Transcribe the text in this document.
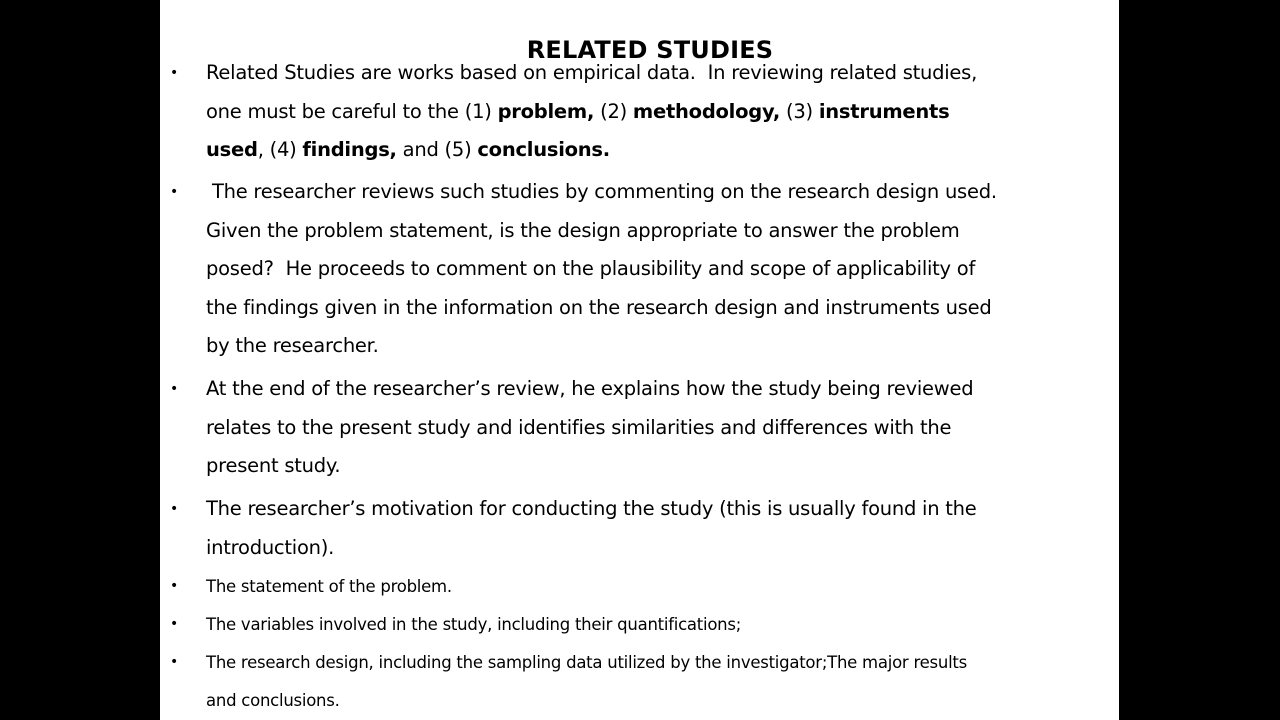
RELATED STUDIES
• Related Studies are works based on empirical data.  In reviewing related studies,
one must be careful to the (1) problem, (2) methodology, (3) instruments
used, (4) findings, and (5) conclusions.
• The researcher reviews such studies by commenting on the research design used.
Given the problem statement, is the design appropriate to answer the problem
posed?  He proceeds to comment on the plausibility and scope of applicability of
the findings given in the information on the research design and instruments used
by the researcher.
• At the end of the researcher’s review, he explains how the study being reviewed
relates to the present study and identifies similarities and differences with the
present study.
• The researcher’s motivation for conducting the study (this is usually found in the
introduction).
• The statement of the problem.
• The variables involved in the study, including their quantifications;
• The research design, including the sampling data utilized by the investigator;The major results
and conclusions.
